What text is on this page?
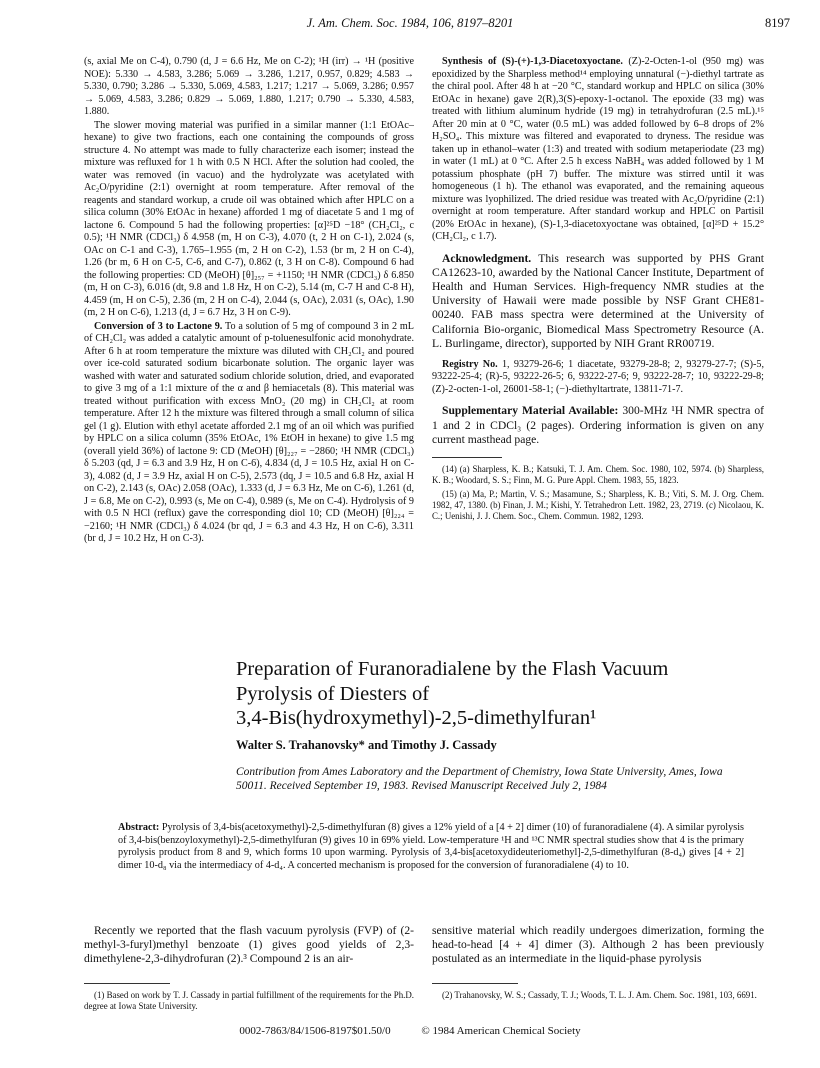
J. Am. Chem. Soc. 1984, 106, 8197–8201	8197

(s, axial Me on C-4), 0.790 (d, J = 6.6 Hz, Me on C-2); ¹H (irr) → ¹H (positive NOE): 5.330 → 4.583, 3.286; 5.069 → 3.286, 1.217, 0.957, 0.829; 4.583 → 5.330, 0.790; 3.286 → 5.330, 5.069, 4.583, 1.217; 1.217 → 5.069, 3.286; 0.957 → 5.069, 4.583, 3.286; 0.829 → 5.069, 1.880, 1.217; 0.790 → 5.330, 4.583, 1.880.

The slower moving material was purified in a similar manner (1:1 EtOAc–hexane) to give two fractions, each one containing the compounds of gross structure 4. No attempt was made to fully characterize each isomer; instead the mixture was refluxed for 1 h with 0.5 N HCl. After the solution had cooled, the water was removed (in vacuo) and the hydrolyzate was acetylated with Ac₂O/pyridine (2:1) overnight at room temperature. After removal of the reagents and standard workup, a crude oil was obtained which after HPLC on a silica column (30% EtOAc in hexane) afforded 1 mg of diacetate 5 and 1 mg of lactone 6. Compound 5 had the following properties: [α]²⁵D −18° (CH₂Cl₂, c 0.5); ¹H NMR (CDCl₃) δ 4.958 (m, H on C-3), 4.070 (t, 2 H on C-1), 2.024 (s, OAc on C-1 and C-3), 1.765–1.955 (m, 2 H on C-2), 1.53 (br m, 2 H on C-4), 1.26 (br m, 6 H on C-5, C-6, and C-7), 0.862 (t, 3 H on C-8). Compound 6 had the following properties: CD (MeOH) [θ]₂₅₇ = +1150; ¹H NMR (CDCl₃) δ 6.850 (m, H on C-3), 6.016 (dt, 9.8 and 1.8 Hz, H on C-2), 5.14 (m, C-7 H and C-8 H), 4.459 (m, H on C-5), 2.36 (m, 2 H on C-4), 2.044 (s, OAc), 2.031 (s, OAc), 1.90 (m, 2 H on C-6), 1.213 (d, J = 6.7 Hz, 3 H on C-9).

Conversion of 3 to Lactone 9. To a solution of 5 mg of compound 3 in 2 mL of CH₂Cl₂ was added a catalytic amount of p-toluenesulfonic acid monohydrate. After 6 h at room temperature the mixture was diluted with CH₂Cl₂ and poured over ice-cold saturated sodium bicarbonate solution. The organic layer was washed with water and saturated sodium chloride solution, dried, and evaporated to give 3 mg of a 1:1 mixture of the α and β hemiacetals (8). This material was treated without purification with excess MnO₂ (20 mg) in CH₂Cl₂ at room temperature. After 12 h the mixture was filtered through a small column of silica gel (1 g). Elution with ethyl acetate afforded 2.1 mg of an oil which was purified by HPLC on a silica column (35% EtOAc, 1% EtOH in hexane) to give 1.5 mg (overall yield 36%) of lactone 9: CD (MeOH) [θ]₂₂₇ = −2860; ¹H NMR (CDCl₃) δ 5.203 (qd, J = 6.3 and 3.9 Hz, H on C-6), 4.834 (d, J = 10.5 Hz, axial H on C-3), 4.082 (d, J = 3.9 Hz, axial H on C-5), 2.573 (dq, J = 10.5 and 6.8 Hz, axial H on C-2), 2.143 (s, OAc) 2.058 (OAc), 1.333 (d, J = 6.3 Hz, Me on C-6), 1.261 (d, J = 6.8, Me on C-2), 0.993 (s, Me on C-4), 0.989 (s, Me on C-4). Hydrolysis of 9 with 0.5 N HCl (reflux) gave the corresponding diol 10; CD (MeOH) [θ]₂₂₄ = −2160; ¹H NMR (CDCl₃) δ 4.024 (br qd, J = 6.3 and 4.3 Hz, H on C-6), 3.311 (br d, J = 10.2 Hz, H on C-3).

Synthesis of (S)-(+)-1,3-Diacetoxyoctane. (Z)-2-Octen-1-ol (950 mg) was epoxidized by the Sharpless method¹⁴ employing unnatural (−)-diethyl tartrate as the chiral pool. After 48 h at −20 °C, standard workup and HPLC on silica (30% EtOAc in hexane) gave 2(R),3(S)-epoxy-1-octanol. The epoxide (33 mg) was treated with lithium aluminum hydride (19 mg) in tetrahydrofuran (2.5 mL).¹⁵ After 20 min at 0 °C, water (0.5 mL) was added followed by 6–8 drops of 2% H₂SO₄. This mixture was filtered and evaporated to dryness. The residue was taken up in ethanol–water (1:3) and treated with sodium metaperiodate (23 mg) in water (1 mL) at 0 °C. After 2.5 h excess NaBH₄ was added followed by 1 M potassium phosphate (pH 7) buffer. The mixture was stirred until it was homogeneous (1 h). The ethanol was evaporated, and the remaining aqueous mixture was lyophilized. The dried residue was treated with Ac₂O/pyridine (2:1) overnight at room temperature. After standard workup and HPLC on Partisil (20% EtOAc in hexane), (S)-1,3-diacetoxyoctane was obtained, [α]²⁵D + 15.2° (CH₂Cl₂, c 1.7).

Acknowledgment. This research was supported by PHS Grant CA12623-10, awarded by the National Cancer Institute, Department of Health and Human Services. High-frequency NMR studies at the University of Hawaii were made possible by NSF Grant CHE81-00240. FAB mass spectra were determined at the University of California Bio-organic, Biomedical Mass Spectrometry Resource (A. L. Burlingame, director), supported by NIH Grant RR00719.

Registry No. 1, 93279-26-6; 1 diacetate, 93279-28-8; 2, 93279-27-7; (S)-5, 93222-25-4; (R)-5, 93222-26-5; 6, 93222-27-6; 9, 93222-28-7; 10, 93222-29-8; (Z)-2-octen-1-ol, 26001-58-1; (−)-diethyltartrate, 13811-71-7.

Supplementary Material Available: 300-MHz ¹H NMR spectra of 1 and 2 in CDCl₃ (2 pages). Ordering information is given on any current masthead page.

(14) (a) Sharpless, K. B.; Katsuki, T. J. Am. Chem. Soc. 1980, 102, 5974. (b) Sharpless, K. B.; Woodard, S. S.; Finn, M. G. Pure Appl. Chem. 1983, 55, 1823.

(15) (a) Ma, P.; Martin, V. S.; Masamune, S.; Sharpless, K. B.; Viti, S. M. J. Org. Chem. 1982, 47, 1380. (b) Finan, J. M.; Kishi, Y. Tetrahedron Lett. 1982, 23, 2719. (c) Nicolaou, K. C.; Uenishi, J. J. Chem. Soc., Chem. Commun. 1982, 1293.

Preparation of Furanoradialene by the Flash Vacuum
Pyrolysis of Diesters of
3,4-Bis(hydroxymethyl)-2,5-dimethylfuran¹
Walter S. Trahanovsky* and Timothy J. Cassady
Contribution from Ames Laboratory and the Department of Chemistry, Iowa State University, Ames, Iowa 50011. Received September 19, 1983. Revised Manuscript Received July 2, 1984
Abstract: Pyrolysis of 3,4-bis(acetoxymethyl)-2,5-dimethylfuran (8) gives a 12% yield of a [4 + 2] dimer (10) of furanoradialene (4). A similar pyrolysis of 3,4-bis(benzoyloxymethyl)-2,5-dimethylfuran (9) gives 10 in 69% yield. Low-temperature ¹H and ¹³C NMR spectral studies show that 4 is the primary pyrolysis product from 8 and 9, which forms 10 upon warming. Pyrolysis of 3,4-bis[acetoxydideuteriomethyl]-2,5-dimethylfuran (8-d₄) gives [4 + 2] dimer 10-d₈ via the intermediacy of 4-d₄. A concerted mechanism is proposed for the conversion of furanoradialene (4) to 10.

Recently we reported that the flash vacuum pyrolysis (FVP) of (2-methyl-3-furyl)methyl benzoate (1) gives good yields of 2,3-dimethylene-2,3-dihydrofuran (2).³ Compound 2 is an air-

sensitive material which readily undergoes dimerization, forming the head-to-head [4 + 4] dimer (3). Although 2 has been previously postulated as an intermediate in the liquid-phase pyrolysis

(1) Based on work by T. J. Cassady in partial fulfillment of the requirements for the Ph.D. degree at Iowa State University.

(2) Trahanovsky, W. S.; Cassady, T. J.; Woods, T. L. J. Am. Chem. Soc. 1981, 103, 6691.

0002-7863/84/1506-8197$01.50/0	© 1984 American Chemical Society
